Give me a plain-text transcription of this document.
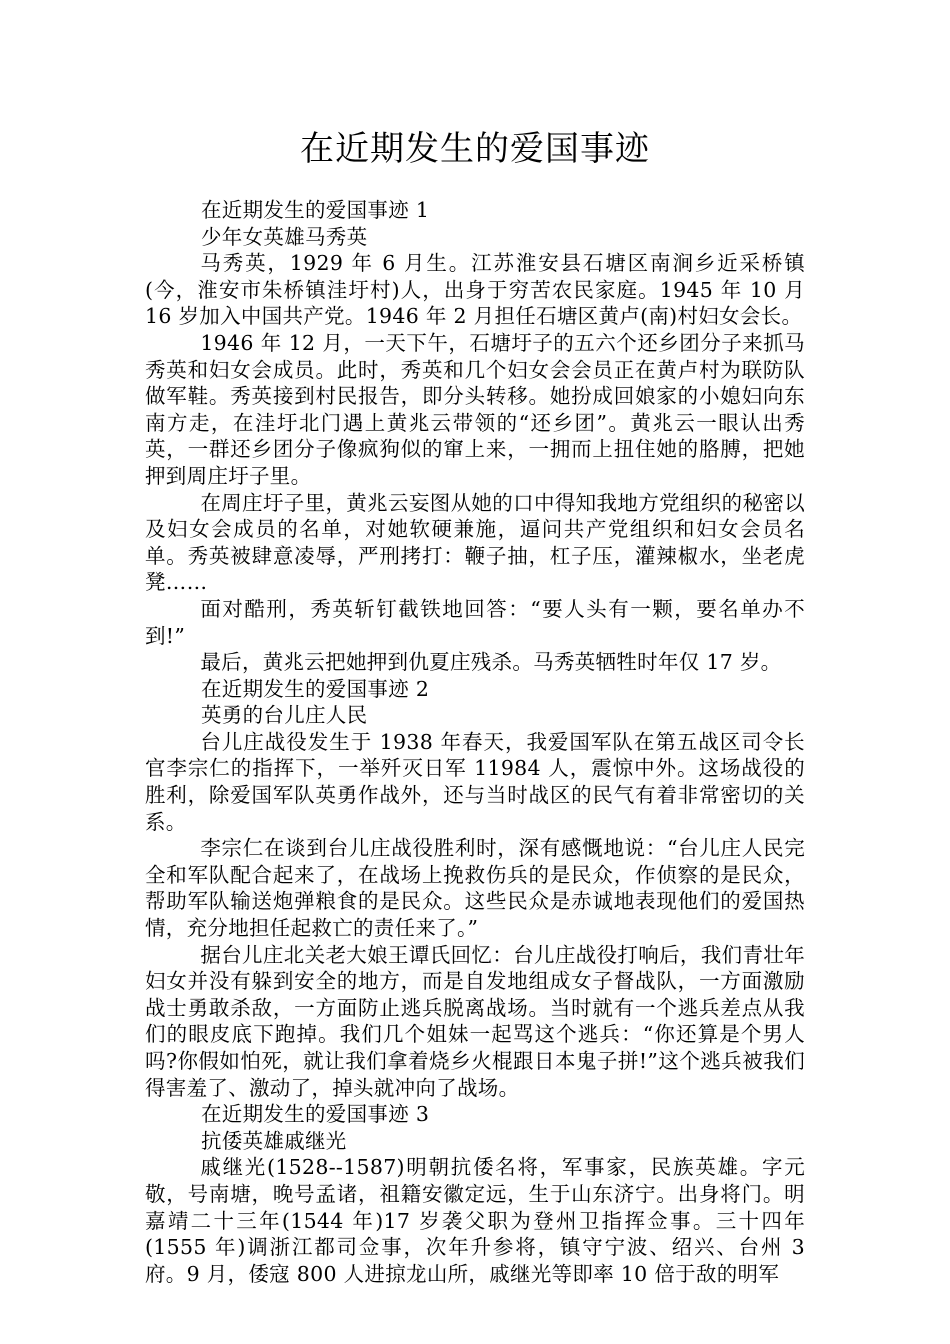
在近期发生的爱国事迹

在近期发生的爱国事迹 1

少年女英雄马秀英

马秀英，1929 年 6 月生。江苏淮安县石塘区南涧乡近采桥镇(今，淮安市朱桥镇洼圩村)人，出身于穷苦农民家庭。1945 年 10 月 16 岁加入中国共产党。1946 年 2 月担任石塘区黄卢(南)村妇女会长。

1946 年 12 月，一天下午，石塘圩子的五六个还乡团分子来抓马秀英和妇女会成员。此时，秀英和几个妇女会会员正在黄卢村为联防队做军鞋。秀英接到村民报告，即分头转移。她扮成回娘家的小媳妇向东南方走，在洼圩北门遇上黄兆云带领的“还乡团”。黄兆云一眼认出秀英，一群还乡团分子像疯狗似的窜上来，一拥而上扭住她的胳膊，把她押到周庄圩子里。

在周庄圩子里，黄兆云妄图从她的口中得知我地方党组织的秘密以及妇女会成员的名单，对她软硬兼施，逼问共产党组织和妇女会员名单。秀英被肆意凌辱，严刑拷打：鞭子抽，杠子压，灌辣椒水，坐老虎凳……

面对酷刑，秀英斩钉截铁地回答：“要人头有一颗，要名单办不到!”

最后，黄兆云把她押到仇夏庄残杀。马秀英牺牲时年仅 17 岁。

在近期发生的爱国事迹 2

英勇的台儿庄人民

台儿庄战役发生于 1938 年春天，我爱国军队在第五战区司令长官李宗仁的指挥下，一举歼灭日军 11984 人，震惊中外。这场战役的胜利，除爱国军队英勇作战外，还与当时战区的民气有着非常密切的关系。

李宗仁在谈到台儿庄战役胜利时，深有感慨地说：“台儿庄人民完全和军队配合起来了，在战场上挽救伤兵的是民众，作侦察的是民众，帮助军队输送炮弹粮食的是民众。这些民众是赤诚地表现他们的爱国热情，充分地担任起救亡的责任来了。”

据台儿庄北关老大娘王谭氏回忆：台儿庄战役打响后，我们青壮年妇女并没有躲到安全的地方，而是自发地组成女子督战队，一方面激励战士勇敢杀敌，一方面防止逃兵脱离战场。当时就有一个逃兵差点从我们的眼皮底下跑掉。我们几个姐妹一起骂这个逃兵：“你还算是个男人吗?你假如怕死，就让我们拿着烧乡火棍跟日本鬼子拼!”这个逃兵被我们得害羞了、激动了，掉头就冲向了战场。

在近期发生的爱国事迹 3

抗倭英雄戚继光

戚继光(1528--1587)明朝抗倭名将，军事家，民族英雄。字元敬，号南塘，晚号孟诸，祖籍安徽定远，生于山东济宁。出身将门。明嘉靖二十三年(1544 年)17 岁袭父职为登州卫指挥佥事。三十四年(1555 年)调浙江都司佥事，次年升参将，镇守宁波、绍兴、台州 3 府。9 月，倭寇 800 人进掠龙山所，戚继光等即率 10 倍于敌的明军
